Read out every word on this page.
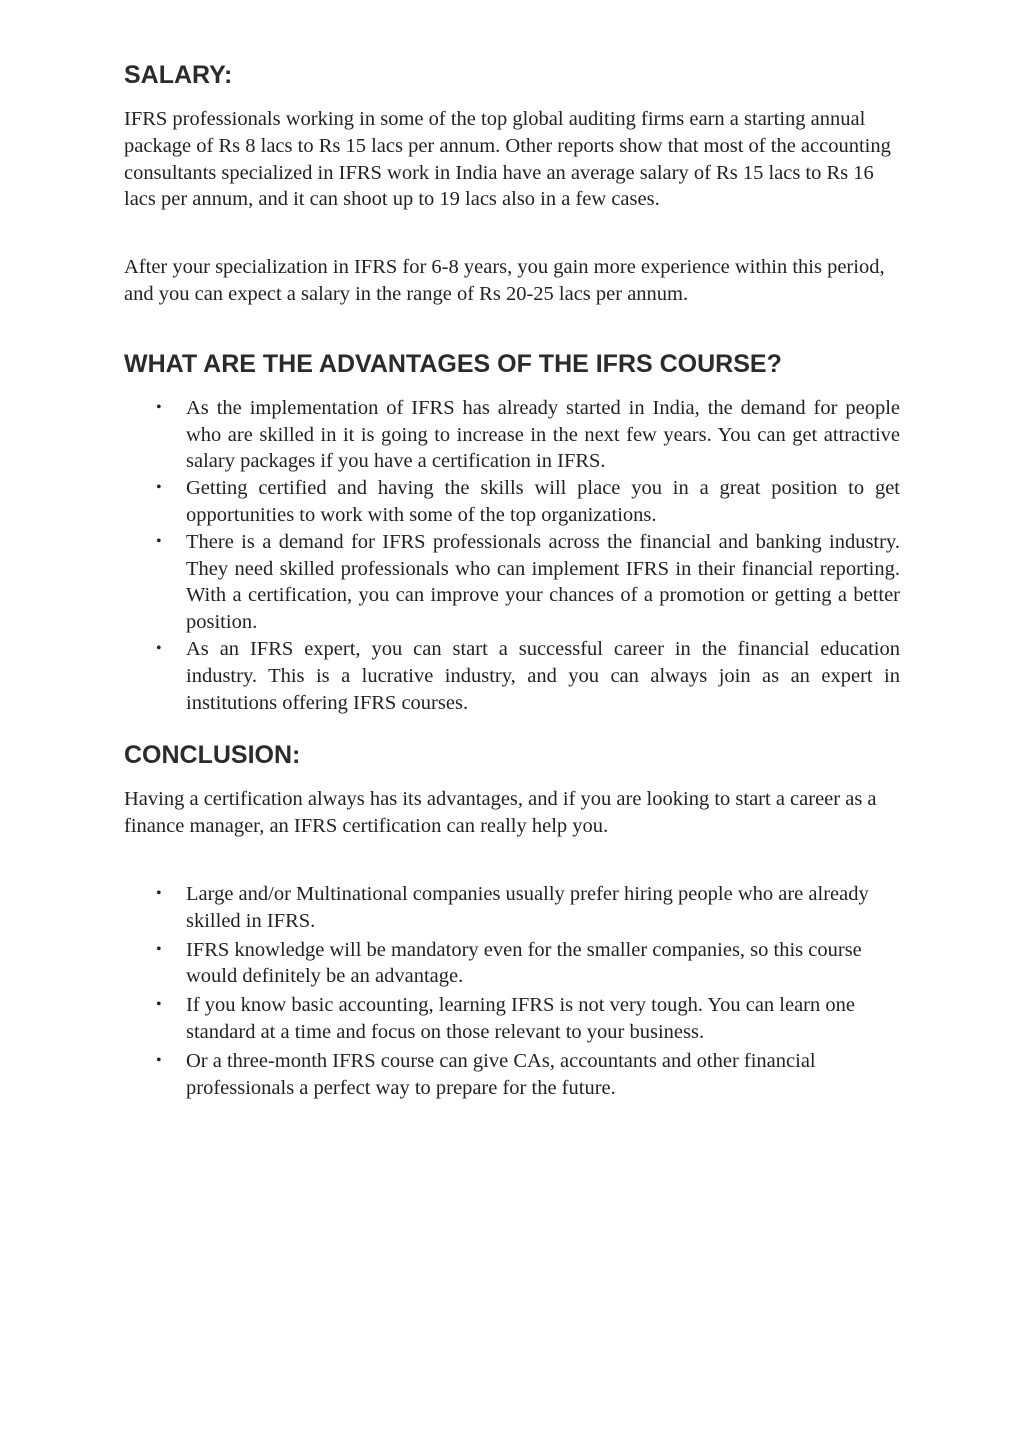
SALARY:

IFRS professionals working in some of the top global auditing firms earn a starting annual package of Rs 8 lacs to Rs 15 lacs per annum. Other reports show that most of the accounting consultants specialized in IFRS work in India have an average salary of Rs 15 lacs to Rs 16 lacs per annum, and it can shoot up to 19 lacs also in a few cases.

After your specialization in IFRS for 6-8 years, you gain more experience within this period, and you can expect a salary in the range of Rs 20-25 lacs per annum.

WHAT ARE THE ADVANTAGES OF THE IFRS COURSE?
• As the implementation of IFRS has already started in India, the demand for people who are skilled in it is going to increase in the next few years. You can get attractive salary packages if you have a certification in IFRS.
• Getting certified and having the skills will place you in a great position to get opportunities to work with some of the top organizations.
• There is a demand for IFRS professionals across the financial and banking industry. They need skilled professionals who can implement IFRS in their financial reporting. With a certification, you can improve your chances of a promotion or getting a better position.
• As an IFRS expert, you can start a successful career in the financial education industry. This is a lucrative industry, and you can always join as an expert in institutions offering IFRS courses.
CONCLUSION:

Having a certification always has its advantages, and if you are looking to start a career as a finance manager, an IFRS certification can really help you.

• Large and/or Multinational companies usually prefer hiring people who are already skilled in IFRS.
• IFRS knowledge will be mandatory even for the smaller companies, so this course would definitely be an advantage.
• If you know basic accounting, learning IFRS is not very tough. You can learn one standard at a time and focus on those relevant to your business.
• Or a three-month IFRS course can give CAs, accountants and other financial professionals a perfect way to prepare for the future.
